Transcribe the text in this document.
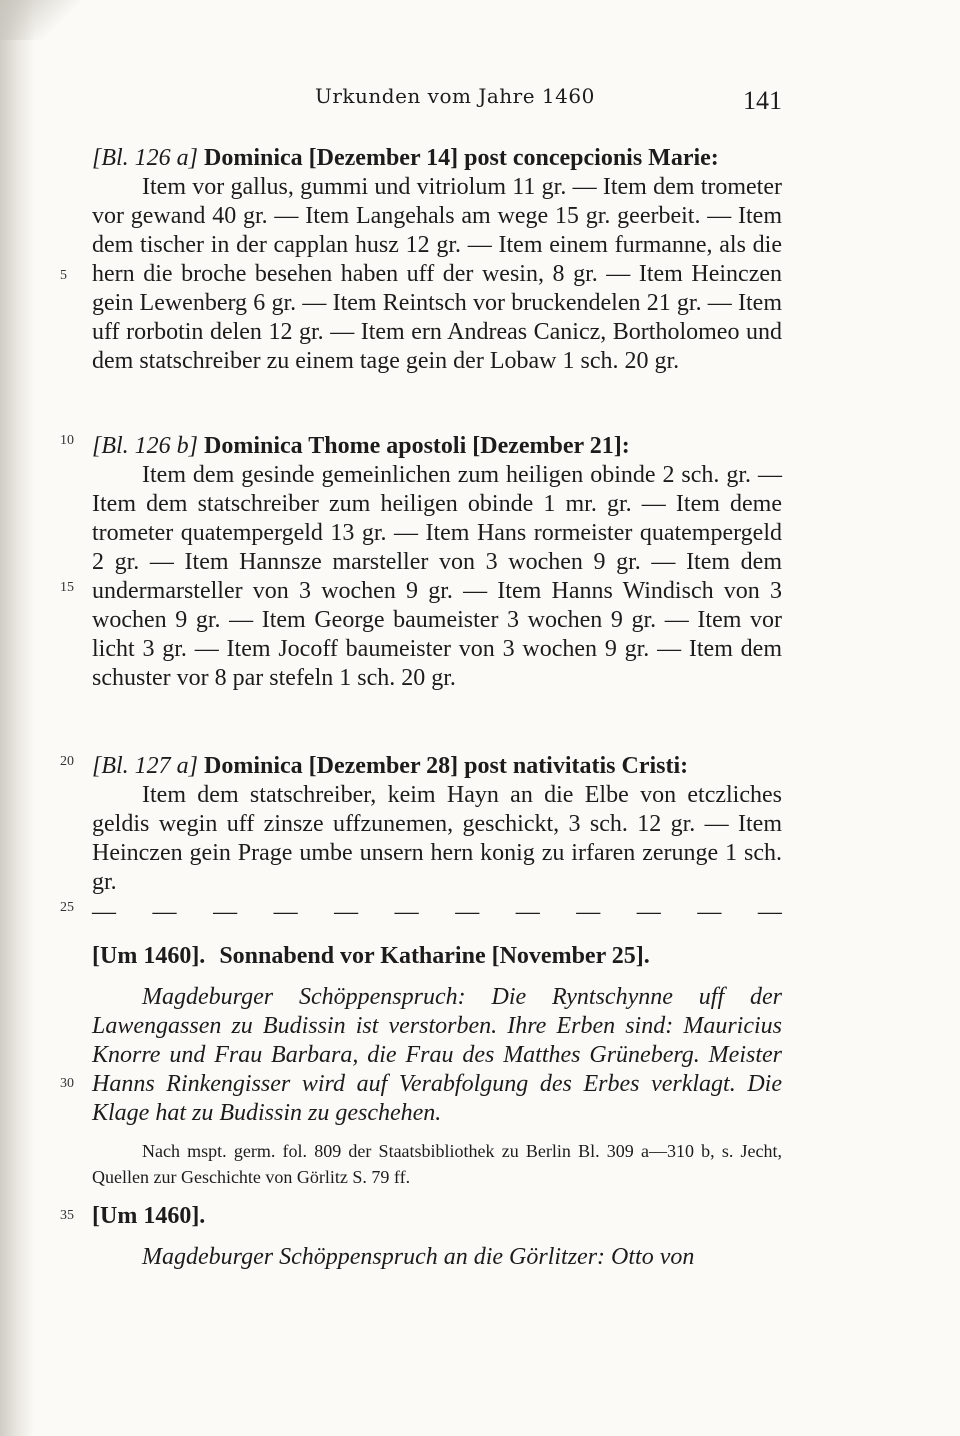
Urkunden vom Jahre 1460	141

[Bl. 126 a] Dominica [Dezember 14] post concepcionis Marie:

Item vor gallus, gummi und vitriolum 11 gr. — Item dem trometer vor gewand 40 gr. — Item Langehals am wege 15 gr. geerbeit. — Item dem tischer in der capplan husz 12 gr. — Item einem furmanne, als die hern die broche besehen haben uff der wesin, 8 gr. — Item Heinczen gein Lewenberg 6 gr. — Item Reintsch vor bruckendelen 21 gr. — Item uff rorbotin delen 12 gr. — Item ern Andreas Canicz, Bortholomeo und dem statschreiber zu einem tage gein der Lobaw 1 sch. 20 gr.

[Bl. 126 b] Dominica Thome apostoli [Dezember 21]:

Item dem gesinde gemeinlichen zum heiligen obinde 2 sch. gr. — Item dem statschreiber zum heiligen obinde 1 mr. gr. — Item deme trometer quatempergeld 13 gr. — Item Hans rormeister quatempergeld 2 gr. — Item Hannsze marsteller von 3 wochen 9 gr. — Item dem undermarsteller von 3 wochen 9 gr. — Item Hanns Windisch von 3 wochen 9 gr. — Item George baumeister 3 wochen 9 gr. — Item vor licht 3 gr. — Item Jocoff baumeister von 3 wochen 9 gr. — Item dem schuster vor 8 par stefeln 1 sch. 20 gr.

[Bl. 127 a] Dominica [Dezember 28] post nativitatis Cristi:

Item dem statschreiber, keim Hayn an die Elbe von etczliches geldis wegin uff zinsze uffzunemen, geschickt, 3 sch. 12 gr. — Item Heinczen gein Prage umbe unsern hern konig zu irfaren zerunge 1 sch. gr.

— — — — — — — — — — — —

[Um 1460]. Sonnabend vor Katharine [November 25].

Magdeburger Schöppenspruch: Die Ryntschynne uff der Lawengassen zu Budissin ist verstorben. Ihre Erben sind: Mauricius Knorre und Frau Barbara, die Frau des Matthes Grüneberg. Meister Hanns Rinkengisser wird auf Verabfolgung des Erbes verklagt. Die Klage hat zu Budissin zu geschehen.

Nach mspt. germ. fol. 809 der Staatsbibliothek zu Berlin Bl. 309 a—310 b, s. Jecht, Quellen zur Geschichte von Görlitz S. 79 ff.

[Um 1460].

Magdeburger Schöppenspruch an die Görlitzer: Otto von

5
10
15
20
25
30
35
